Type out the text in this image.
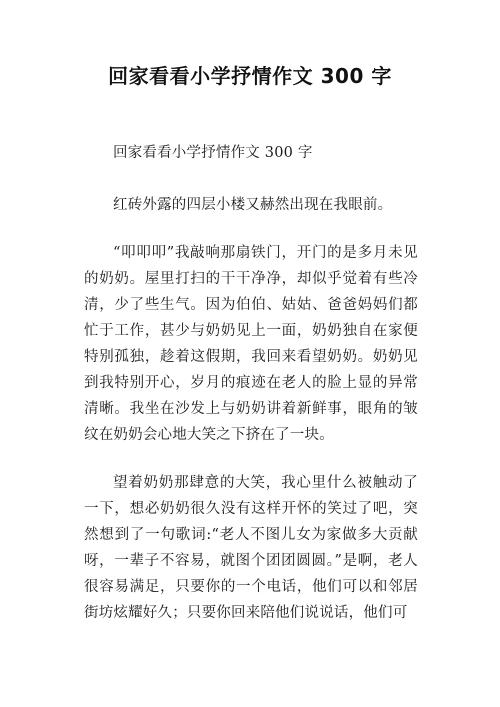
回家看看小学抒情作文 300 字

回家看看小学抒情作文 300 字

红砖外露的四层小楼又赫然出现在我眼前。

“叩叩叩”我敲响那扇铁门，开门的是多月未见的奶奶。屋里打扫的干干净净，却似乎觉着有些冷清，少了些生气。因为伯伯、姑姑、爸爸妈妈们都忙于工作，甚少与奶奶见上一面，奶奶独自在家便特别孤独，趁着这假期，我回来看望奶奶。奶奶见到我特别开心，岁月的痕迹在老人的脸上显的异常清晰。我坐在沙发上与奶奶讲着新鲜事，眼角的皱纹在奶奶会心地大笑之下挤在了一块。

望着奶奶那肆意的大笑，我心里什么被触动了一下，想必奶奶很久没有这样开怀的笑过了吧，突然想到了一句歌词:“老人不图儿女为家做多大贡献呀，一辈子不容易，就图个团团圆圆。”是啊，老人很容易满足，只要你的一个电话，他们可以和邻居街坊炫耀好久；只要你回来陪他们说说话，他们可
